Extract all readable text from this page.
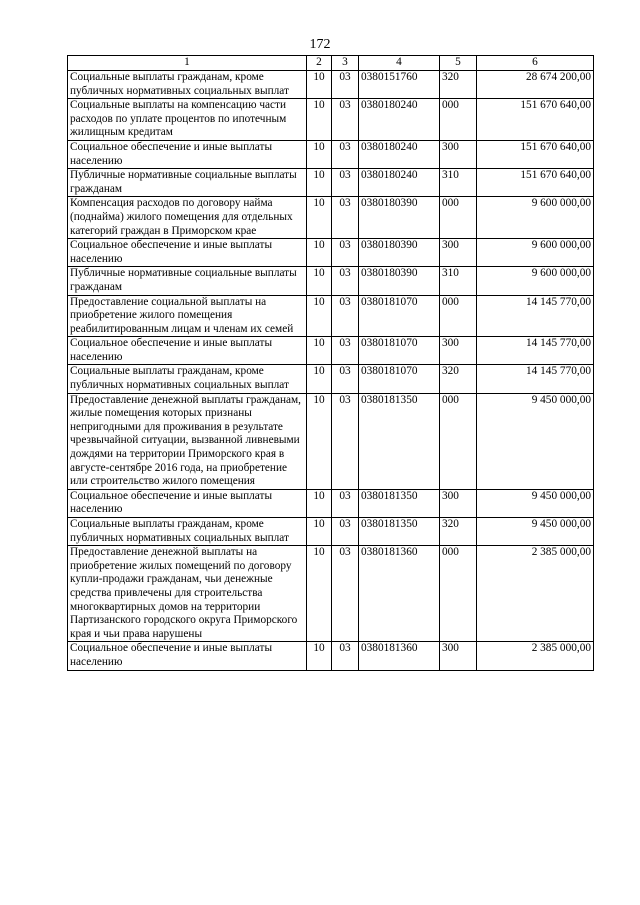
172
1	2	3	4	5	6
Социальные выплаты гражданам, кроме публичных нормативных социальных выплат	10	03	0380151760	320	28 674 200,00
Социальные выплаты на компенсацию части расходов по уплате процентов по ипотечным жилищным кредитам	10	03	0380180240	000	151 670 640,00
Социальное обеспечение и иные выплаты населению	10	03	0380180240	300	151 670 640,00
Публичные нормативные социальные выплаты гражданам	10	03	0380180240	310	151 670 640,00
Компенсация расходов по договору найма (поднайма) жилого помещения для отдельных категорий граждан в Приморском крае	10	03	0380180390	000	9 600 000,00
Социальное обеспечение и иные выплаты населению	10	03	0380180390	300	9 600 000,00
Публичные нормативные социальные выплаты гражданам	10	03	0380180390	310	9 600 000,00
Предоставление социальной выплаты на приобретение жилого помещения реабилитированным лицам и членам их семей	10	03	0380181070	000	14 145 770,00
Социальное обеспечение и иные выплаты населению	10	03	0380181070	300	14 145 770,00
Социальные выплаты гражданам, кроме публичных нормативных социальных выплат	10	03	0380181070	320	14 145 770,00
Предоставление денежной выплаты гражданам, жилые помещения которых признаны непригодными для проживания в результате чрезвычайной ситуации, вызванной ливневыми дождями на территории Приморского края в августе-сентябре 2016 года, на приобретение или строительство жилого помещения	10	03	0380181350	000	9 450 000,00
Социальное обеспечение и иные выплаты населению	10	03	0380181350	300	9 450 000,00
Социальные выплаты гражданам, кроме публичных нормативных социальных выплат	10	03	0380181350	320	9 450 000,00
Предоставление денежной выплаты на приобретение жилых помещений по договору купли-продажи гражданам, чьи денежные средства привлечены для строительства многоквартирных домов на территории Партизанского городского округа Приморского края и чьи права нарушены	10	03	0380181360	000	2 385 000,00
Социальное обеспечение и иные выплаты населению	10	03	0380181360	300	2 385 000,00
